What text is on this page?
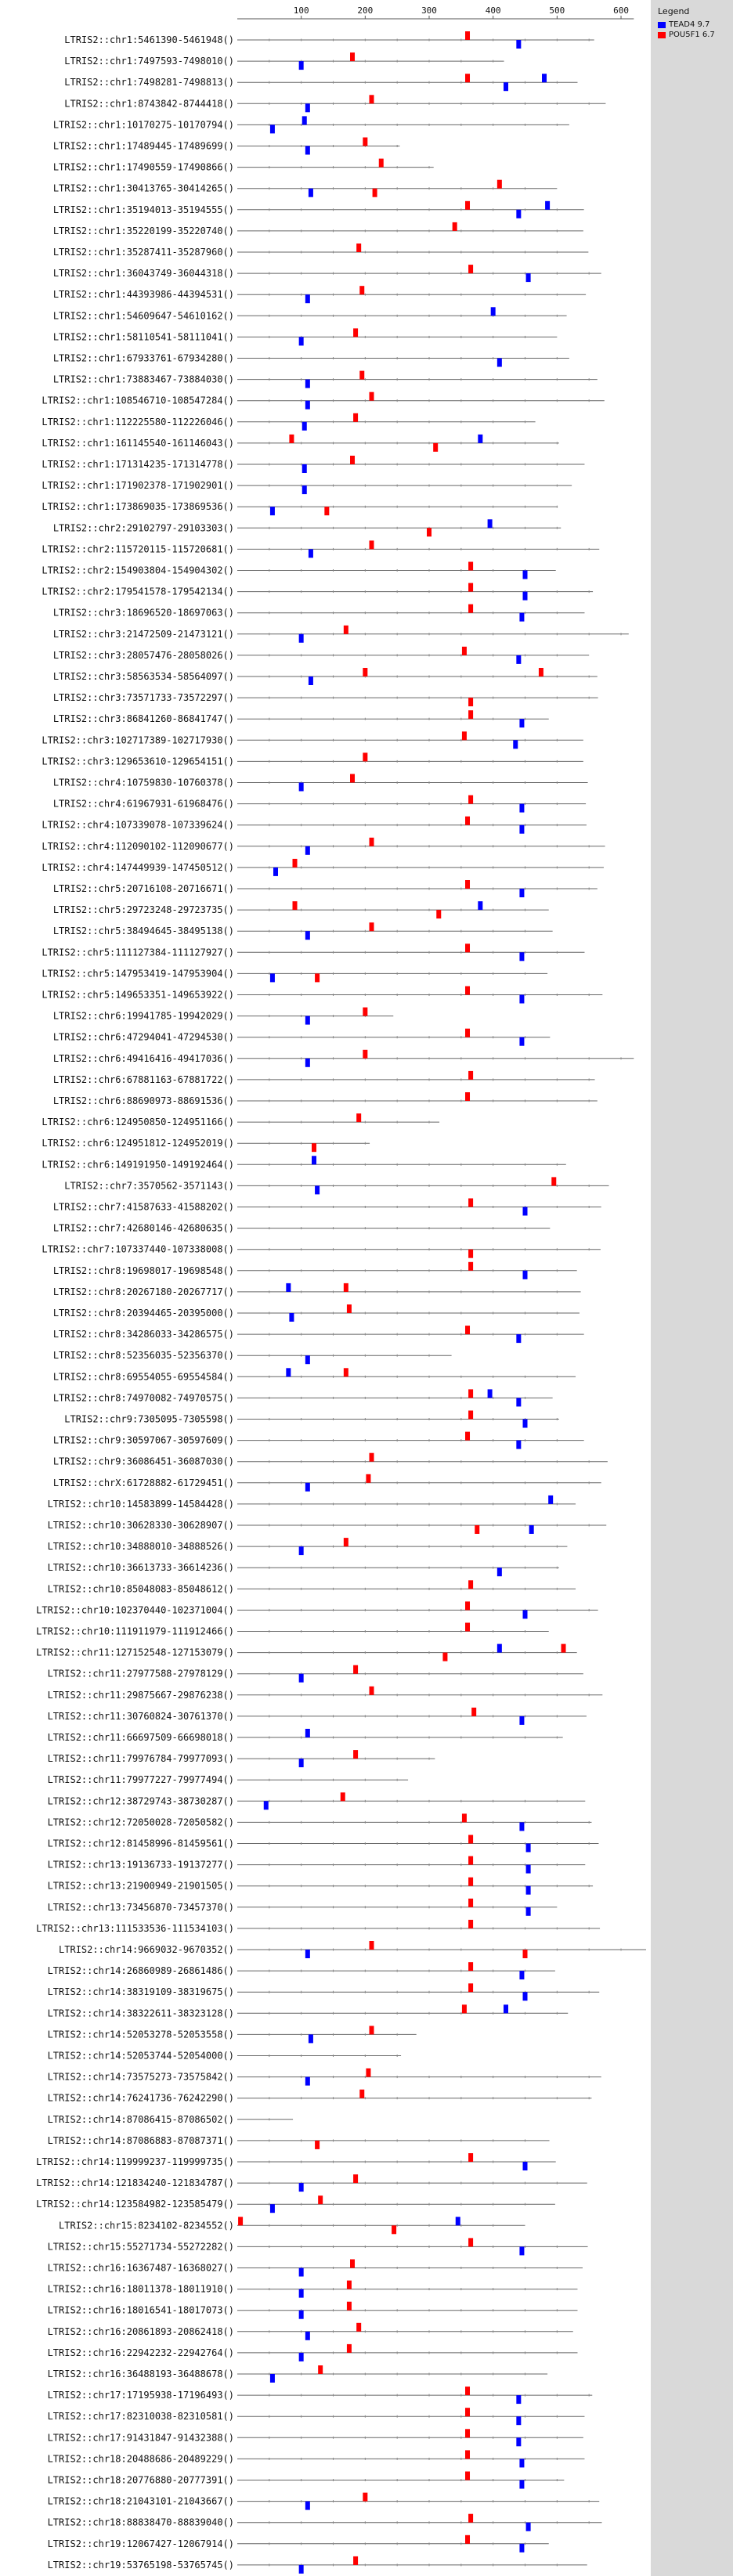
100	200	300	400	500	600
LTRIS2::chr1:5461390-5461948()
LTRIS2::chr1:7497593-7498010()
LTRIS2::chr1:7498281-7498813()
LTRIS2::chr1:8743842-8744418()
LTRIS2::chr1:10170275-10170794()
LTRIS2::chr1:17489445-17489699()
LTRIS2::chr1:17490559-17490866()
LTRIS2::chr1:30413765-30414265()
LTRIS2::chr1:35194013-35194555()
LTRIS2::chr1:35220199-35220740()
LTRIS2::chr1:35287411-35287960()
LTRIS2::chr1:36043749-36044318()
LTRIS2::chr1:44393986-44394531()
LTRIS2::chr1:54609647-54610162()
LTRIS2::chr1:58110541-58111041()
LTRIS2::chr1:67933761-67934280()
LTRIS2::chr1:73883467-73884030()
LTRIS2::chr1:108546710-108547284()
LTRIS2::chr1:112225580-112226046()
LTRIS2::chr1:161145540-161146043()
LTRIS2::chr1:171314235-171314778()
LTRIS2::chr1:171902378-171902901()
LTRIS2::chr1:173869035-173869536()
LTRIS2::chr2:29102797-29103303()
LTRIS2::chr2:115720115-115720681()
LTRIS2::chr2:154903804-154904302()
LTRIS2::chr2:179541578-179542134()
LTRIS2::chr3:18696520-18697063()
LTRIS2::chr3:21472509-21473121()
LTRIS2::chr3:28057476-28058026()
LTRIS2::chr3:58563534-58564097()
LTRIS2::chr3:73571733-73572297()
LTRIS2::chr3:86841260-86841747()
LTRIS2::chr3:102717389-102717930()
LTRIS2::chr3:129653610-129654151()
LTRIS2::chr4:10759830-10760378()
LTRIS2::chr4:61967931-61968476()
LTRIS2::chr4:107339078-107339624()
LTRIS2::chr4:112090102-112090677()
LTRIS2::chr4:147449939-147450512()
LTRIS2::chr5:20716108-20716671()
LTRIS2::chr5:29723248-29723735()
LTRIS2::chr5:38494645-38495138()
LTRIS2::chr5:111127384-111127927()
LTRIS2::chr5:147953419-147953904()
LTRIS2::chr5:149653351-149653922()
LTRIS2::chr6:19941785-19942029()
LTRIS2::chr6:47294041-47294530()
LTRIS2::chr6:49416416-49417036()
LTRIS2::chr6:67881163-67881722()
LTRIS2::chr6:88690973-88691536()
LTRIS2::chr6:124950850-124951166()
LTRIS2::chr6:124951812-124952019()
LTRIS2::chr6:149191950-149192464()
LTRIS2::chr7:3570562-3571143()
LTRIS2::chr7:41587633-41588202()
LTRIS2::chr7:42680146-42680635()
LTRIS2::chr7:107337440-107338008()
LTRIS2::chr8:19698017-19698548()
LTRIS2::chr8:20267180-20267717()
LTRIS2::chr8:20394465-20395000()
LTRIS2::chr8:34286033-34286575()
LTRIS2::chr8:52356035-52356370()
LTRIS2::chr8:69554055-69554584()
LTRIS2::chr8:74970082-74970575()
LTRIS2::chr9:7305095-7305598()
LTRIS2::chr9:30597067-30597609()
LTRIS2::chr9:36086451-36087030()
LTRIS2::chrX:61728882-61729451()
LTRIS2::chr10:14583899-14584428()
LTRIS2::chr10:30628330-30628907()
LTRIS2::chr10:34888010-34888526()
LTRIS2::chr10:36613733-36614236()
LTRIS2::chr10:85048083-85048612()
LTRIS2::chr10:102370440-102371004()
LTRIS2::chr10:111911979-111912466()
LTRIS2::chr11:127152548-127153079()
LTRIS2::chr11:27977588-27978129()
LTRIS2::chr11:29875667-29876238()
LTRIS2::chr11:30760824-30761370()
LTRIS2::chr11:66697509-66698018()
LTRIS2::chr11:79976784-79977093()
LTRIS2::chr11:79977227-79977494()
LTRIS2::chr12:38729743-38730287()
LTRIS2::chr12:72050028-72050582()
LTRIS2::chr12:81458996-81459561()
LTRIS2::chr13:19136733-19137277()
LTRIS2::chr13:21900949-21901505()
LTRIS2::chr13:73456870-73457370()
LTRIS2::chr13:111533536-111534103()
LTRIS2::chr14:9669032-9670352()
LTRIS2::chr14:26860989-26861486()
LTRIS2::chr14:38319109-38319675()
LTRIS2::chr14:38322611-38323128()
LTRIS2::chr14:52053278-52053558()
LTRIS2::chr14:52053744-52054000()
LTRIS2::chr14:73575273-73575842()
LTRIS2::chr14:76241736-76242290()
LTRIS2::chr14:87086415-87086502()
LTRIS2::chr14:87086883-87087371()
LTRIS2::chr14:119999237-119999735()
LTRIS2::chr14:121834240-121834787()
LTRIS2::chr14:123584982-123585479()
LTRIS2::chr15:8234102-8234552()
LTRIS2::chr15:55271734-55272282()
LTRIS2::chr16:16367487-16368027()
LTRIS2::chr16:18011378-18011910()
LTRIS2::chr16:18016541-18017073()
LTRIS2::chr16:20861893-20862418()
LTRIS2::chr16:22942232-22942764()
LTRIS2::chr16:36488193-36488678()
LTRIS2::chr17:17195938-17196493()
LTRIS2::chr17:82310038-82310581()
LTRIS2::chr17:91431847-91432388()
LTRIS2::chr18:20488686-20489229()
LTRIS2::chr18:20776880-20777391()
LTRIS2::chr18:21043101-21043667()
LTRIS2::chr18:88838470-88839040()
LTRIS2::chr19:12067427-12067914()
LTRIS2::chr19:53765198-53765745()
Legend
TEAD4 9.7
POU5F1 6.7
